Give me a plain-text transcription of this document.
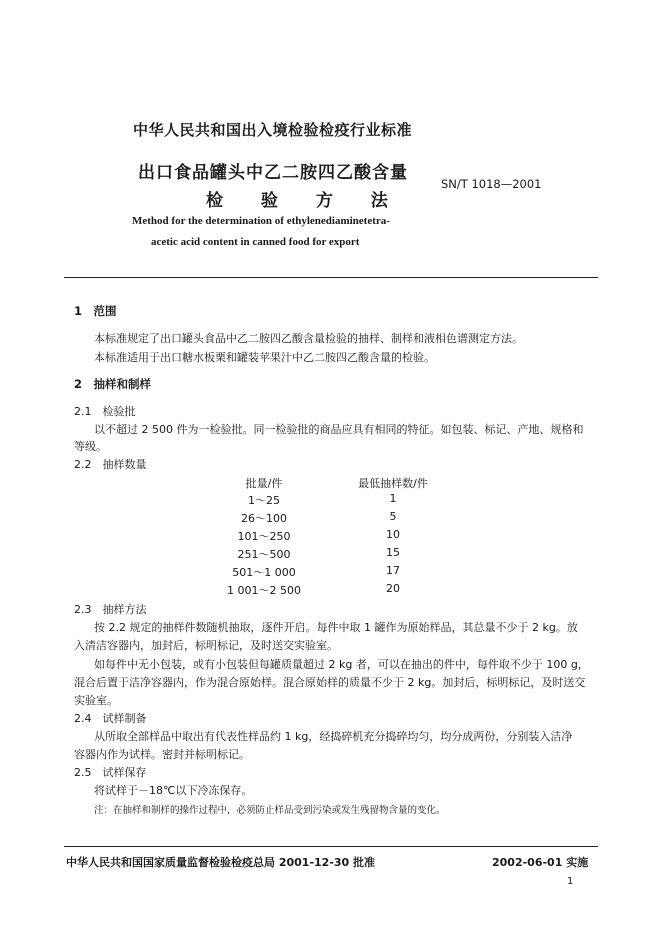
中华人民共和国出入境检验检疫行业标准
出口食品罐头中乙二胺四乙酸含量
检 验 方 法
SN/T 1018—2001
Method for the determination of ethylenediaminetetra-
acetic acid content in canned food for export
1　范围
本标准规定了出口罐头食品中乙二胺四乙酸含量检验的抽样、制样和液相色谱测定方法。
本标准适用于出口糖水板栗和罐装苹果汁中乙二胺四乙酸含量的检验。
2　抽样和制样
2.1　检验批
以不超过 2 500 件为一检验批。同一检验批的商品应具有相同的特征。如包装、标记、产地、规格和
等级。
2.2　抽样数量
批量/件	最低抽样数/件
1～25	1
26～100	5
101～250	10
251～500	15
501～1 000	17
1 001～2 500	20
2.3　抽样方法
按 2.2 规定的抽样件数随机抽取，逐件开启。每件中取 1 罐作为原始样品，其总量不少于 2 kg。放
入清洁容器内，加封后，标明标记，及时送交实验室。
如每件中无小包装，或有小包装但每罐质量超过 2 kg 者，可以在抽出的件中，每件取不少于 100 g，
混合后置于洁净容器内，作为混合原始样。混合原始样的质量不少于 2 kg。加封后，标明标记，及时送交
实验室。
2.4　试样制备
从所取全部样品中取出有代表性样品约 1 kg，经捣碎机充分捣碎均匀，均分成两份，分别装入洁净
容器内作为试样。密封并标明标记。
2.5　试样保存
将试样于－18℃以下冷冻保存。
注：在抽样和制样的操作过程中，必须防止样品受到污染或发生残留物含量的变化。
中华人民共和国国家质量监督检验检疫总局 2001-12-30 批准	2002-06-01 实施
1
